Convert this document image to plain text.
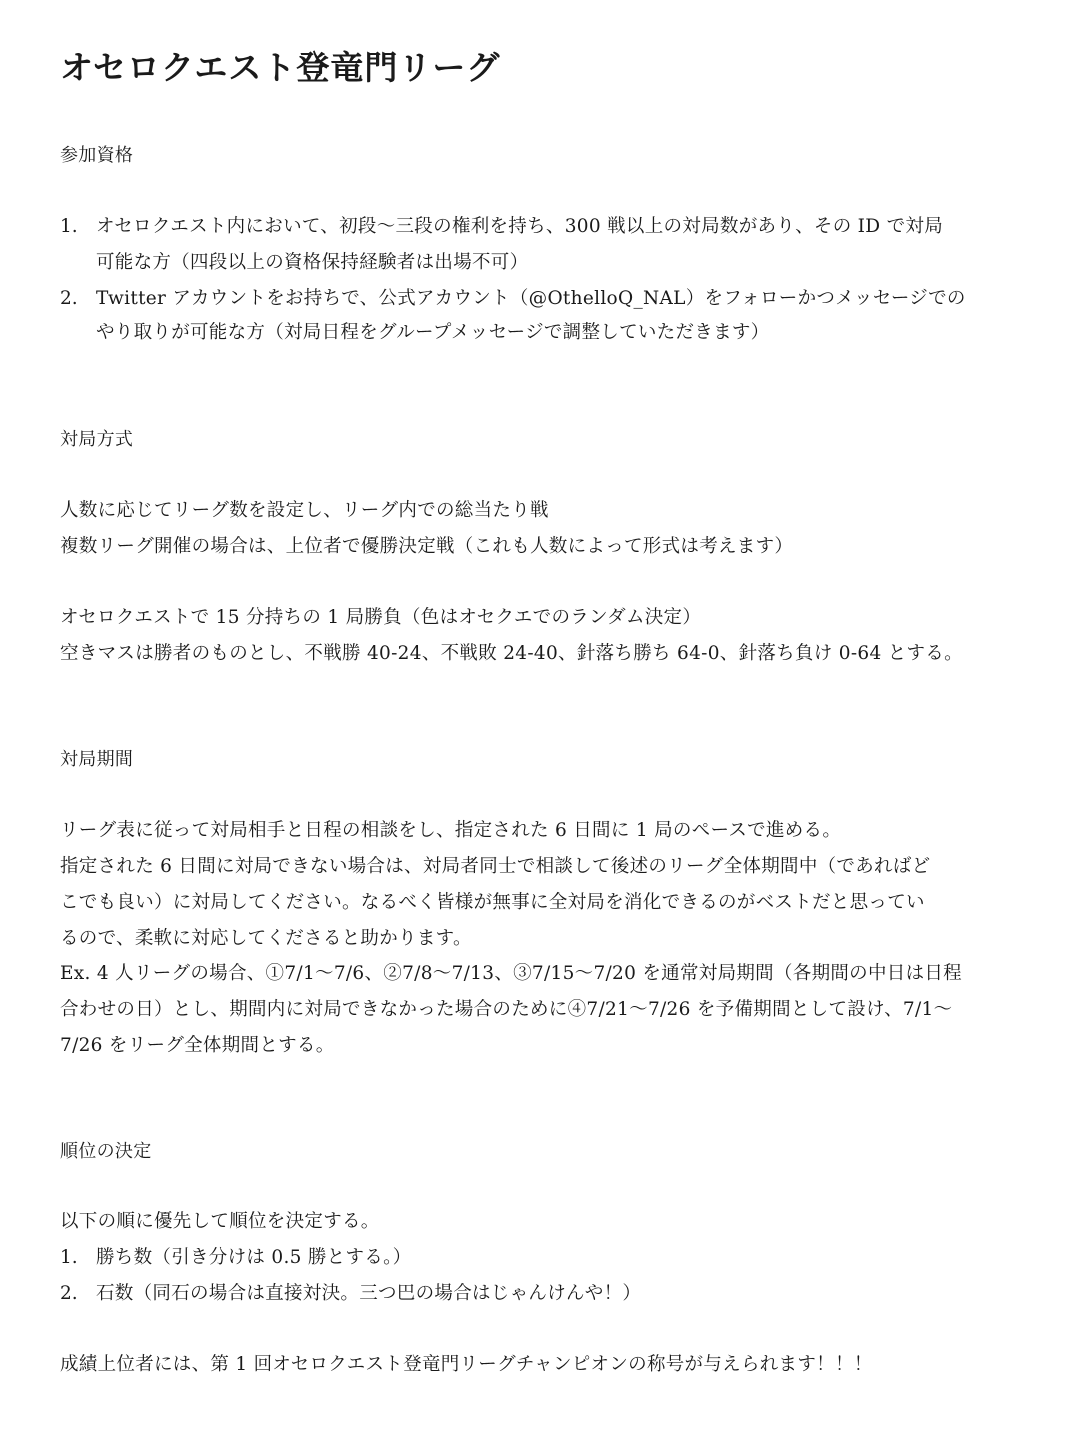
オセロクエスト登竜門リーグ
参加資格
1. オセロクエスト内において、初段～三段の権利を持ち、300 戦以上の対局数があり、その ID で対局
可能な方（四段以上の資格保持経験者は出場不可）
2. Twitter アカウントをお持ちで、公式アカウント（@OthelloQ_NAL）をフォローかつメッセージでの
やり取りが可能な方（対局日程をグループメッセージで調整していただきます）
対局方式
人数に応じてリーグ数を設定し、リーグ内での総当たり戦
複数リーグ開催の場合は、上位者で優勝決定戦（これも人数によって形式は考えます）
オセロクエストで 15 分持ちの 1 局勝負（色はオセクエでのランダム決定）
空きマスは勝者のものとし、不戦勝 40-24、不戦敗 24-40、針落ち勝ち 64-0、針落ち負け 0-64 とする。
対局期間
リーグ表に従って対局相手と日程の相談をし、指定された 6 日間に 1 局のペースで進める。
指定された 6 日間に対局できない場合は、対局者同士で相談して後述のリーグ全体期間中（であればど
こでも良い）に対局してください。なるべく皆様が無事に全対局を消化できるのがベストだと思ってい
るので、柔軟に対応してくださると助かります。
Ex. 4 人リーグの場合、①7/1～7/6、②7/8～7/13、③7/15～7/20 を通常対局期間（各期間の中日は日程
合わせの日）とし、期間内に対局できなかった場合のために④7/21～7/26 を予備期間として設け、7/1～
7/26 をリーグ全体期間とする。
順位の決定
以下の順に優先して順位を決定する。
1. 勝ち数（引き分けは 0.5 勝とする。）
2. 石数（同石の場合は直接対決。三つ巴の場合はじゃんけんや！）
成績上位者には、第 1 回オセロクエスト登竜門リーグチャンピオンの称号が与えられます！！！
